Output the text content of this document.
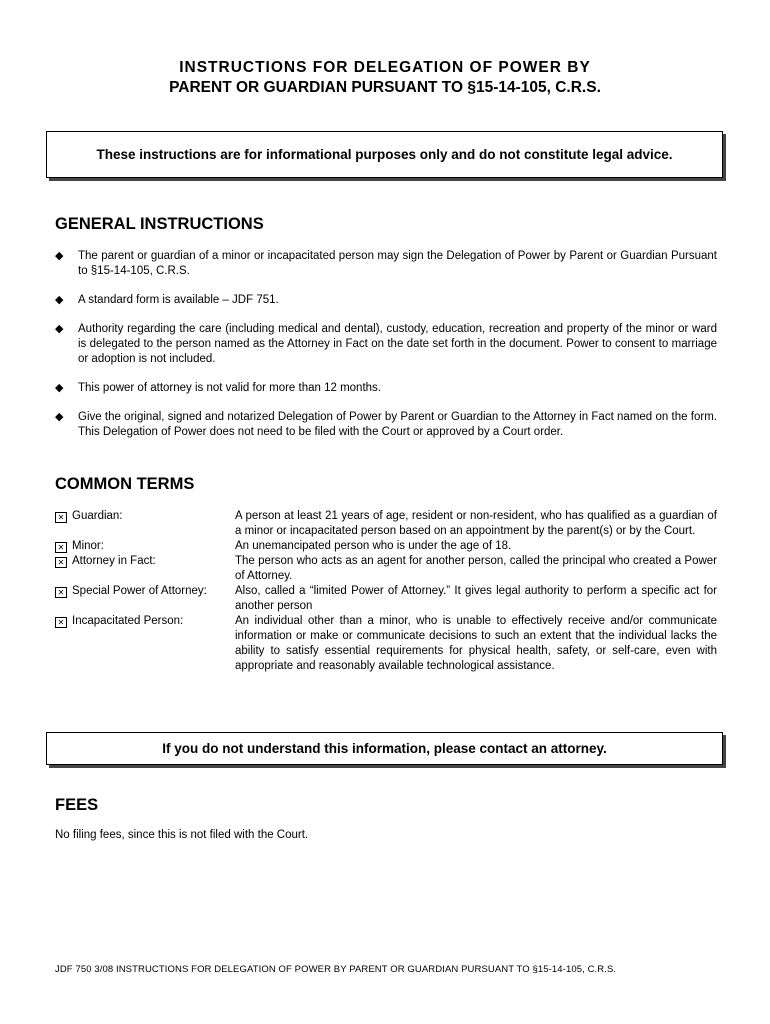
INSTRUCTIONS FOR DELEGATION OF POWER BY
PARENT OR GUARDIAN PURSUANT TO §15-14-105, C.R.S.
These instructions are for informational purposes only and do not constitute legal advice.
GENERAL INSTRUCTIONS
◆ The parent or guardian of a minor or incapacitated person may sign the Delegation of Power by Parent or Guardian Pursuant to §15-14-105, C.R.S.
◆ A standard form is available – JDF 751.
◆ Authority regarding the care (including medical and dental), custody, education, recreation and property of the minor or ward is delegated to the person named as the Attorney in Fact on the date set forth in the document. Power to consent to marriage or adoption is not included.
◆ This power of attorney is not valid for more than 12 months.
◆ Give the original, signed and notarized Delegation of Power by Parent or Guardian to the Attorney in Fact named on the form. This Delegation of Power does not need to be filed with the Court or approved by a Court order.
COMMON TERMS
✕ Guardian:	A person at least 21 years of age, resident or non-resident, who has qualified as a guardian of a minor or incapacitated person based on an appointment by the parent(s) or by the Court.
✕ Minor:	An unemancipated person who is under the age of 18.
✕ Attorney in Fact:	The person who acts as an agent for another person, called the principal who created a Power of Attorney.
✕ Special Power of Attorney: Also, called a “limited Power of Attorney.” It gives legal authority to perform a specific act for another person
✕ Incapacitated Person:	An individual other than a minor, who is unable to effectively receive and/or communicate information or make or communicate decisions to such an extent that the individual lacks the ability to satisfy essential requirements for physical health, safety, or self-care, even with appropriate and reasonably available technological assistance.
If you do not understand this information, please contact an attorney.
FEES
No filing fees, since this is not filed with the Court.
JDF 750 3/08 INSTRUCTIONS FOR DELEGATION OF POWER BY PARENT OR GUARDIAN PURSUANT TO §15-14-105, C.R.S.
